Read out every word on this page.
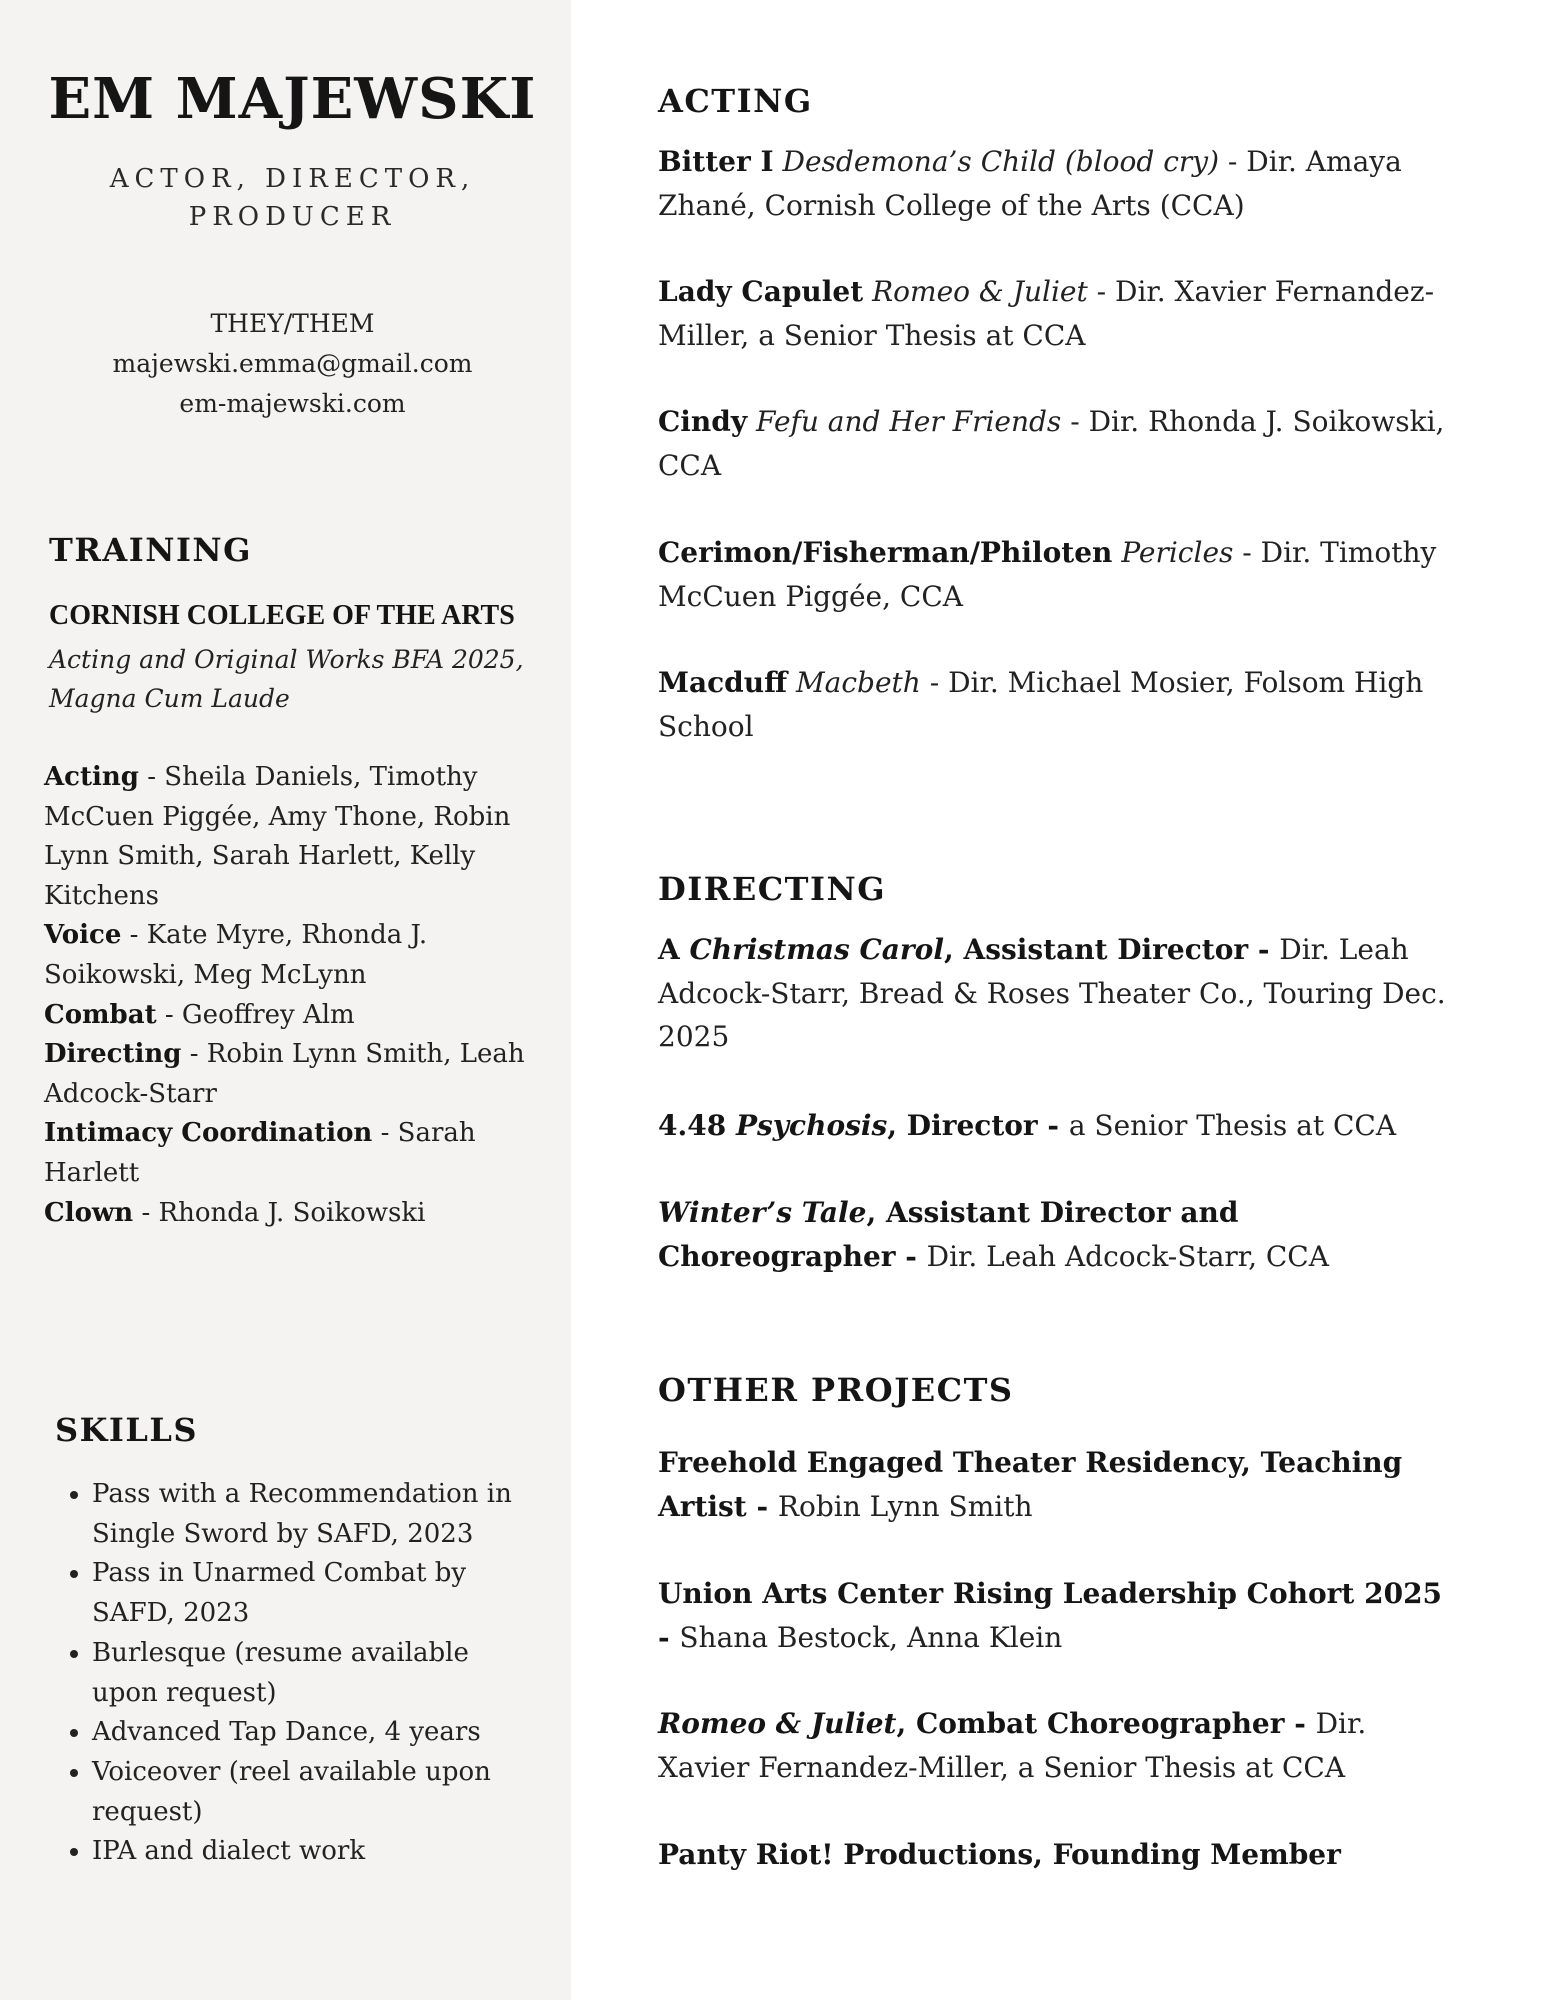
EM MAJEWSKI

ACTOR, DIRECTOR, PRODUCER

THEY/THEM
majewski.emma@gmail.com
em-majewski.com
TRAINING
CORNISH COLLEGE OF THE ARTS
Acting and Original Works BFA 2025, Magna Cum Laude

Acting - Sheila Daniels, Timothy McCuen Piggée, Amy Thone, Robin Lynn Smith, Sarah Harlett, Kelly Kitchens

Voice - Kate Myre, Rhonda J. Soikowski, Meg McLynn

Combat - Geoffrey Alm

Directing - Robin Lynn Smith, Leah Adcock-Starr

Intimacy Coordination - Sarah Harlett

Clown - Rhonda J. Soikowski

SKILLS
• Pass with a Recommendation in Single Sword by SAFD, 2023
• Pass in Unarmed Combat by SAFD, 2023
• Burlesque (resume available upon request)
• Advanced Tap Dance, 4 years
• Voiceover (reel available upon request)
• IPA and dialect work
ACTING

Bitter I Desdemona’s Child (blood cry) - Dir. Amaya Zhané, Cornish College of the Arts (CCA)

Lady Capulet Romeo & Juliet - Dir. Xavier Fernandez-Miller, a Senior Thesis at CCA

Cindy Fefu and Her Friends - Dir. Rhonda J. Soikowski, CCA

Cerimon/Fisherman/Philoten Pericles - Dir. Timothy McCuen Piggée, CCA

Macduff Macbeth - Dir. Michael Mosier, Folsom High School

DIRECTING

A Christmas Carol, Assistant Director - Dir. Leah Adcock-Starr, Bread & Roses Theater Co., Touring Dec. 2025

4.48 Psychosis, Director - a Senior Thesis at CCA

Winter’s Tale, Assistant Director and Choreographer - Dir. Leah Adcock-Starr, CCA

OTHER PROJECTS

Freehold Engaged Theater Residency, Teaching Artist - Robin Lynn Smith

Union Arts Center Rising Leadership Cohort 2025 - Shana Bestock, Anna Klein

Romeo & Juliet, Combat Choreographer - Dir. Xavier Fernandez-Miller, a Senior Thesis at CCA

Panty Riot! Productions, Founding Member
